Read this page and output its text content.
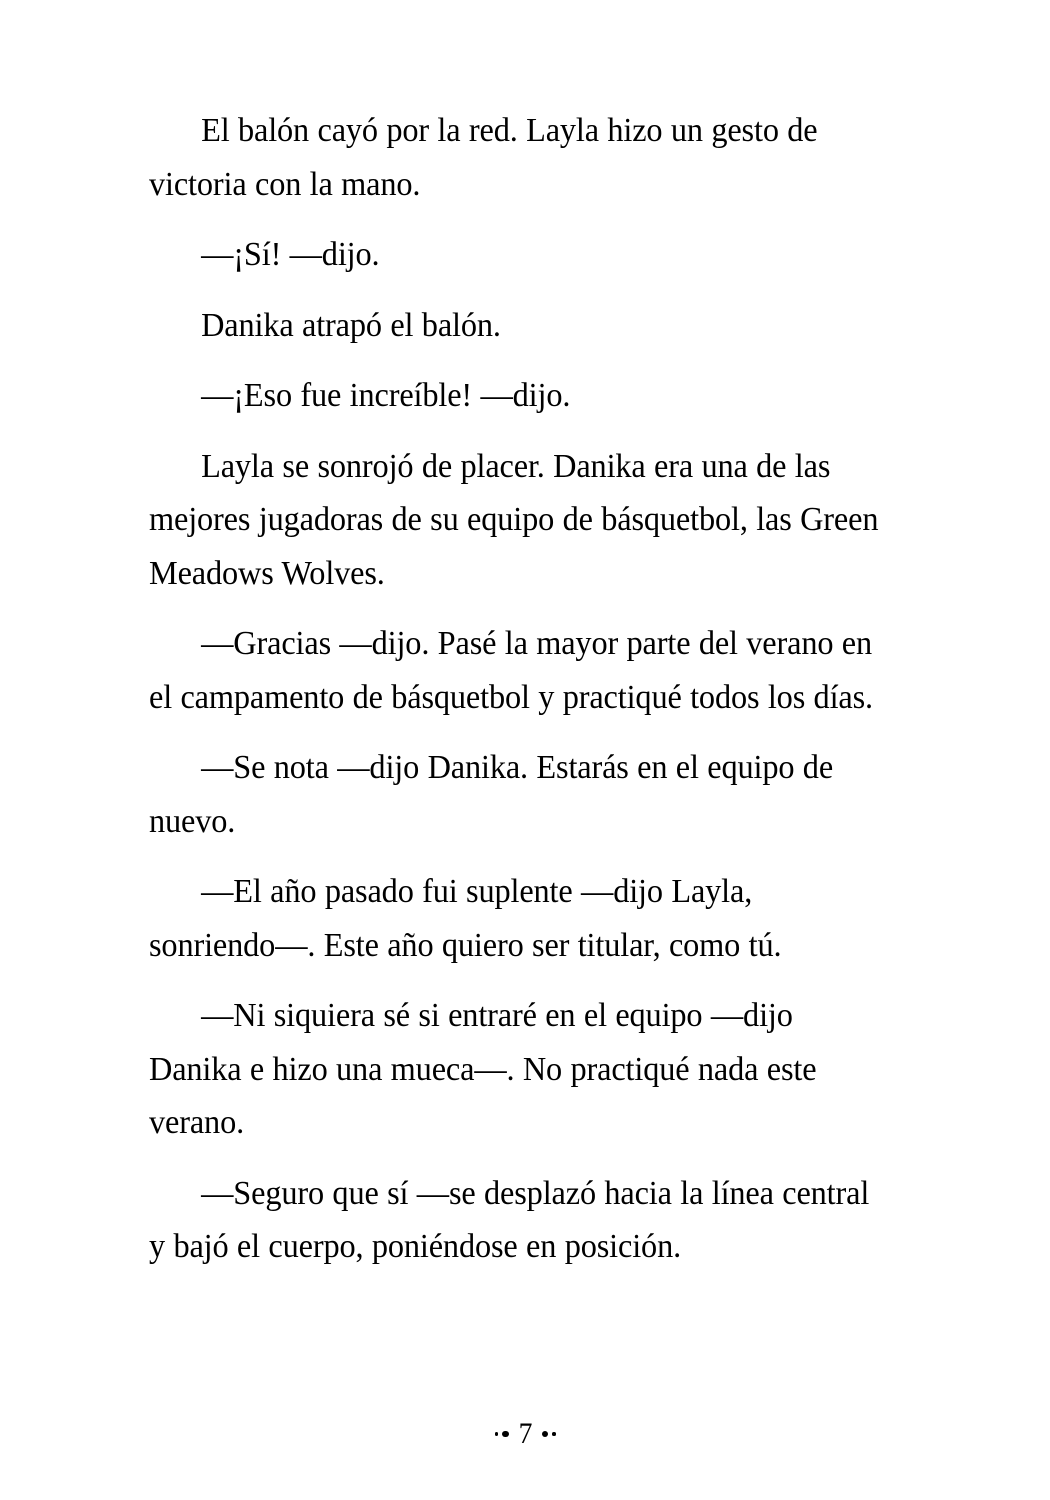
El balón cayó por la red. Layla hizo un gesto de victoria con la mano.

—¡Sí! —dijo.

Danika atrapó el balón.

—¡Eso fue increíble! —dijo.

Layla se sonrojó de placer. Danika era una de las mejores jugadoras de su equipo de básquetbol, las Green Meadows Wolves.

—Gracias —dijo. Pasé la mayor parte del verano en el campamento de básquetbol y practiqué todos los días.

—Se nota —dijo Danika. Estarás en el equipo de nuevo.

—El año pasado fui suplente —dijo Layla, sonriendo—. Este año quiero ser titular, como tú.

—Ni siquiera sé si entraré en el equipo —dijo Danika e hizo una mueca—. No practiqué nada este verano.

—Seguro que sí —se desplazó hacia la línea central y bajó el cuerpo, poniéndose en posición.

7
